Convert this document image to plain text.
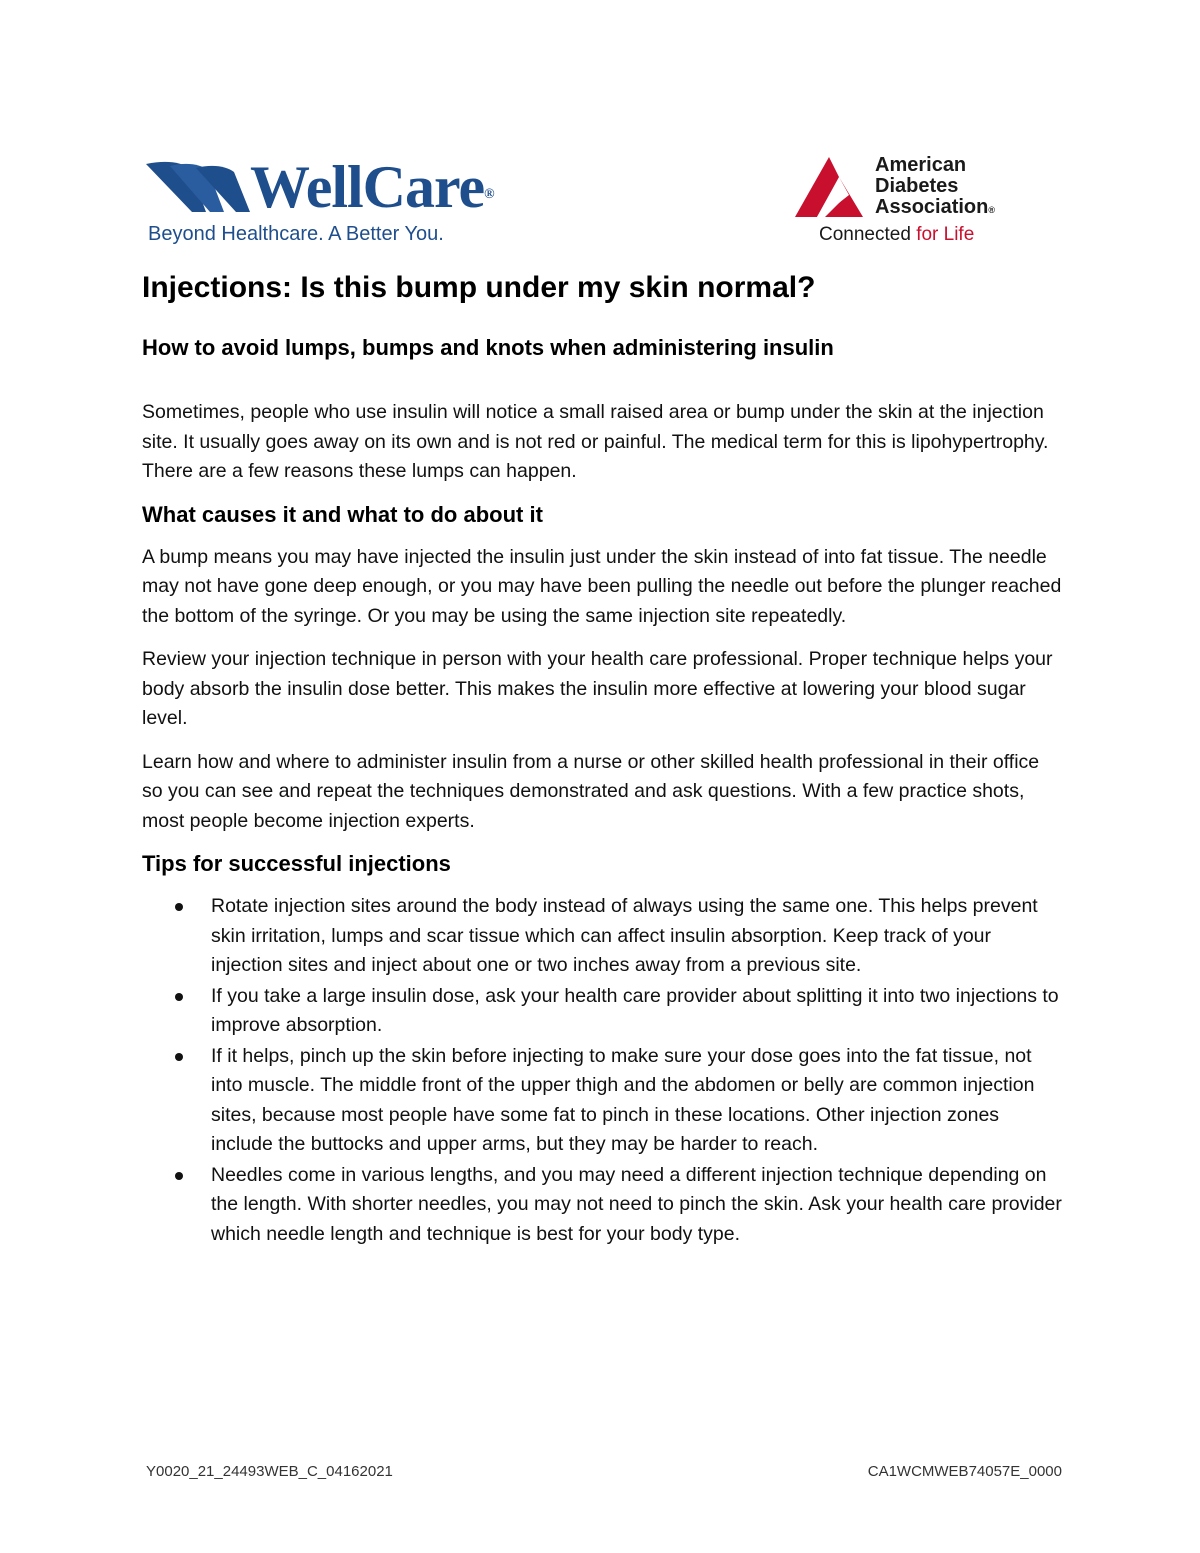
WellCare®
Beyond Healthcare. A Better You.
American
Diabetes
Association®
Connected for Life
Injections: Is this bump under my skin normal?
How to avoid lumps, bumps and knots when administering insulin

Sometimes, people who use insulin will notice a small raised area or bump under the skin at the injection site. It usually goes away on its own and is not red or painful. The medical term for this is lipohypertrophy. There are a few reasons these lumps can happen.

What causes it and what to do about it

A bump means you may have injected the insulin just under the skin instead of into fat tissue. The needle may not have gone deep enough, or you may have been pulling the needle out before the plunger reached the bottom of the syringe. Or you may be using the same injection site repeatedly.

Review your injection technique in person with your health care professional. Proper technique helps your body absorb the insulin dose better. This makes the insulin more effective at lowering your blood sugar level.

Learn how and where to administer insulin from a nurse or other skilled health professional in their office so you can see and repeat the techniques demonstrated and ask questions. With a few practice shots, most people become injection experts.

Tips for successful injections
Rotate injection sites around the body instead of always using the same one. This helps prevent skin irritation, lumps and scar tissue which can affect insulin absorption. Keep track of your injection sites and inject about one or two inches away from a previous site.
If you take a large insulin dose, ask your health care provider about splitting it into two injections to improve absorption.
If it helps, pinch up the skin before injecting to make sure your dose goes into the fat tissue, not into muscle. The middle front of the upper thigh and the abdomen or belly are common injection sites, because most people have some fat to pinch in these locations. Other injection zones include the buttocks and upper arms, but they may be harder to reach.
Needles come in various lengths, and you may need a different injection technique depending on the length. With shorter needles, you may not need to pinch the skin. Ask your health care provider which needle length and technique is best for your body type.
Y0020_21_24493WEB_C_04162021	CA1WCMWEB74057E_0000
